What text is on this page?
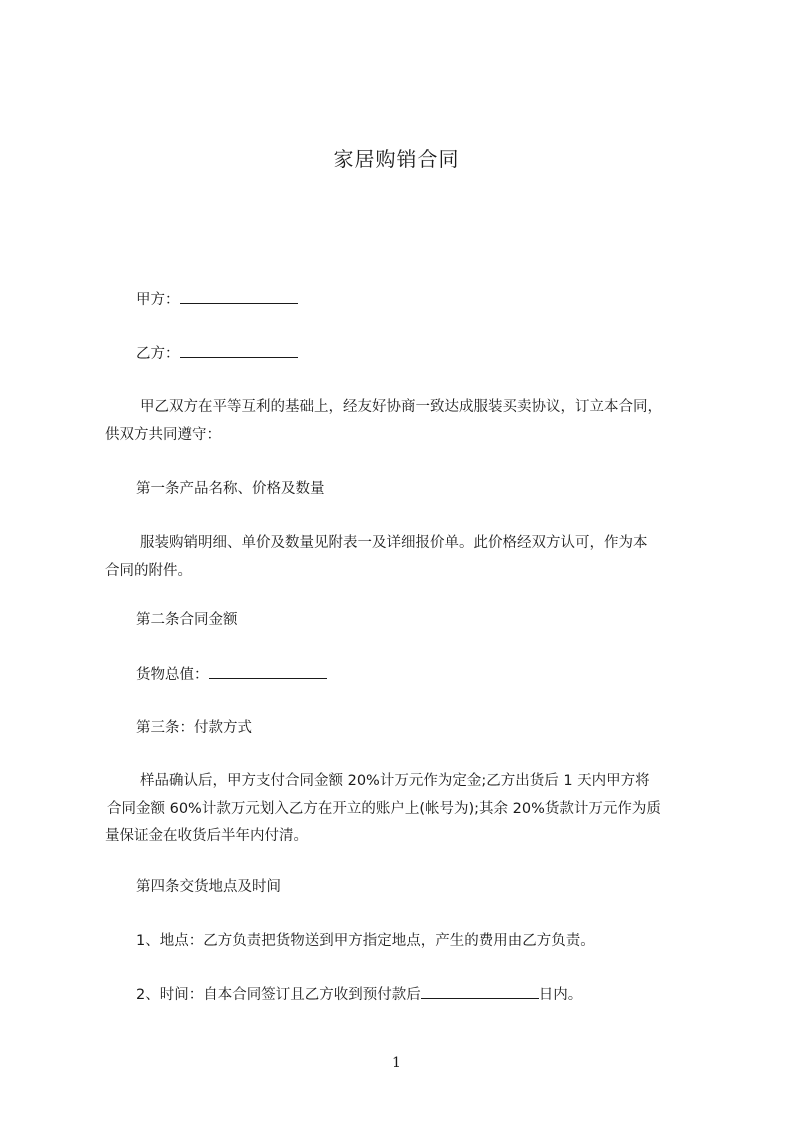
家居购销合同
甲方：
乙方：
甲乙双方在平等互利的基础上，经友好协商一致达成服装买卖协议，订立本合同，
供双方共同遵守：
第一条产品名称、价格及数量
服装购销明细、单价及数量见附表一及详细报价单。此价格经双方认可，作为本
合同的附件。
第二条合同金额
货物总值：
第三条：付款方式
样品确认后，甲方支付合同金额 20%计万元作为定金;乙方出货后 1 天内甲方将
合同金额 60%计款万元划入乙方在开立的账户上(帐号为);其余 20%货款计万元作为质
量保证金在收货后半年内付清。
第四条交货地点及时间
1、地点：乙方负责把货物送到甲方指定地点，产生的费用由乙方负责。
2、时间：自本合同签订且乙方收到预付款后	日内。
1
